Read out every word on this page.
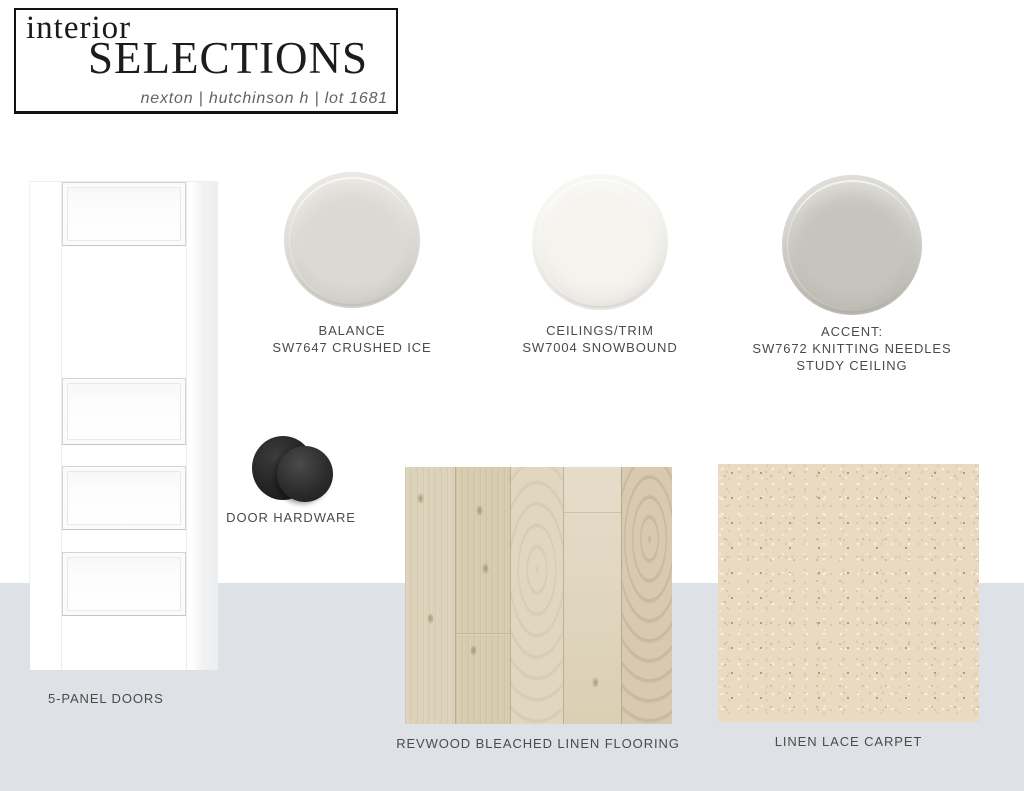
interior
SELECTIONS
nexton | hutchinson h | lot 1681
5-PANEL DOORS
BALANCE
SW7647 CRUSHED ICE
CEILINGS/TRIM
SW7004 SNOWBOUND
ACCENT:
SW7672 KNITTING NEEDLES
STUDY CEILING
DOOR HARDWARE
REVWOOD BLEACHED LINEN FLOORING	LINEN LACE CARPET
